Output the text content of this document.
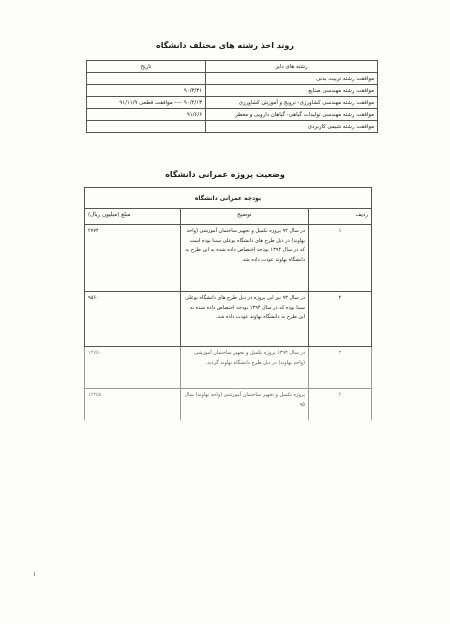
روند اخذ رشته های مختلف دانشگاه
رشته های دایر	تاریخ
موافقت رشته تربیت بدنی	
موافقت رشته مهندسی صنایع	۹۰/۳/۳۱
موافقت رشته مهندسی کشاورزی- ترویج و آموزش کشاورزی	۹۰/۴/۱۳ ---- موافقت قطعی ۹۱/۱۱/۹
موافقت رشته مهندسی تولیدات گیاهی- گیاهان دارویی و معطر	۹۱/۶/۶
موافقت رشته شیمی کاربردی	
وضعیت پروژه عمرانی دانشگاه
بودجه عمرانی دانشگاه		
ردیف	توضیح	مبلغ (میلیون ریال)
۱	در سال ۹۲ پروژه تکمیل و تجهیز ساختمان آموزشی (واحد نهاوند) در ذیل طرح های دانشگاه بوعلی سینا بوده است که در سال ۱۳۹۴ بودجه اختصاص داده شده به این طرح به دانشگاه نهاوند عودت داده شد.	۲۷۷۴
۲	در سال ۹۳ نیز این پروژه در ذیل طرح های دانشگاه بوعلی سینا بوده که در سال ۱۳۹۴ بودجه اختصاص داده شده به این طرح به دانشگاه نهاوند عودت داده شد.	۹۵۶۰
۳	در سال ۱۳۹۴ پروژه تکمیل و تجهیز ساختمان آموزشی (واحد نهاوند) در ذیل طرح دانشگاه نهاوند گردید.	۱۲۷۵۰
۴	پروژه تکمیل و تجهیز ساختمان آموزشی (واحد نهاوند) سال ۹۵	۱۲۴۵۵
۱
